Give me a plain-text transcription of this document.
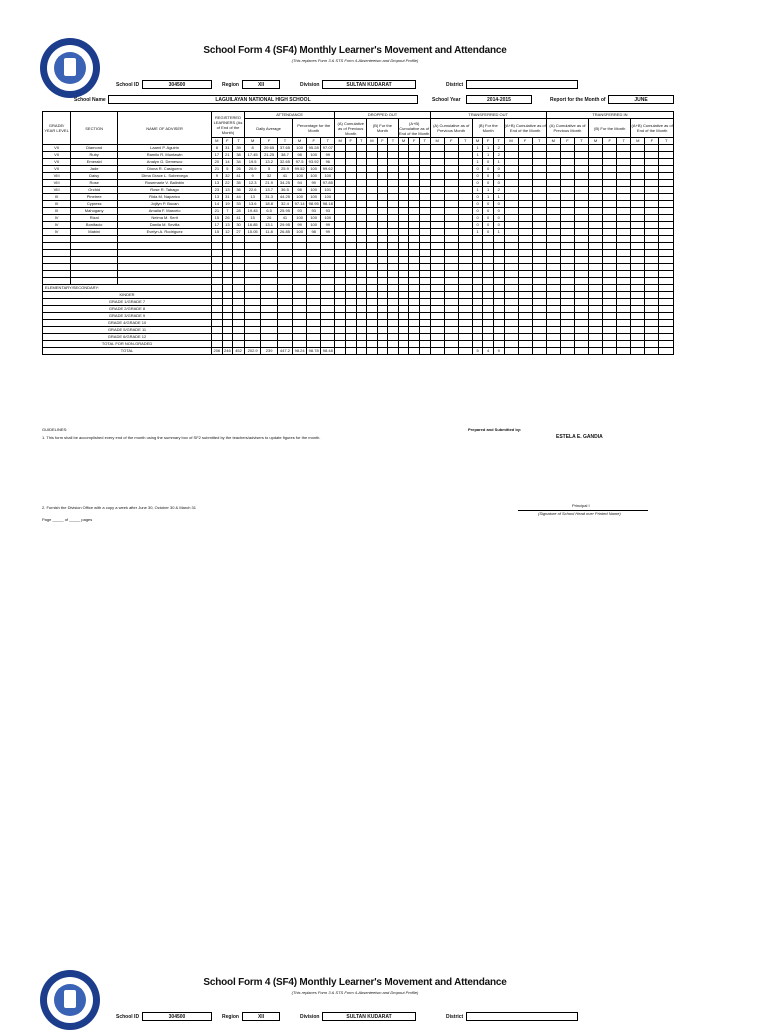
School Form 4 (SF4) Monthly Learner's Movement and Attendance
(This replaces Form 3 & STS Form 4-Absenteeism and Dropout Profile)
School ID	304500	Region	XII	Division	SULTAN KUDARAT	District
School Name	LAGUILAYAN NATIONAL HIGH SCHOOL	School Year	2014-2015	Report for the Month of	JUNE
GRADE/ YEAR LEVEL	SECTION	NAME OF ADVISER	REGISTERED LEARNERS (As of End of the Month)			ATTENDANCE						DROPPED OUT									TRANSFERRED OUT									TRANSFERRED IN								
						Daily Average			Percentage for the Month			(A) Cumulative as of Previous Month			(B) For the Month			(A+B) Cumulative as of End of the Month			(A) Cumulative as of Previous Month			(B) For the Month			(A+B) Cumulative as of End of the Month			(A) Cumulative as of Previous Month			(B) For the Month			(A+B) Cumulative as of End of the Month		
			M	F	T	M	F	T	M	F	T	M	F	T	M	F	T	M	F	T	M	F	T	M	F	T	M	F	T	M	F	T	M	F	T	M	F	T
VII	Diamond	Laarni P. Aguirin	8	31	39	8	29.65	37.65	100	95.28	97.07													1	1	2												
VII	Ruby	Ramilo R. Muntawin	17	21	38	17.45	21.25	38.7	98	100	99													1	1	2												
VII	Emerald	Analyn G. Demesco	20	14	34	19.5	13.2	32.65	97.5	93.92	96													1	0	1												
VII	Jade	Diona R. Casiguero	21	5	26	20.9	5	25.9	99.52	100	99.62													0	0	0												
VIII	Daisy	Dima Grace L. Sobrevega	9	32	41	9	32	41	100	100	100													0	0	0												
VIII	Rose	Rosemarie V. Balinbin	13	22	35	12.3	21.9	34.25	94	99	97.85													0	0	0												
VIII	Orchid	Rose R. Tabago	23	13	36	22.6	13.7	36.5	98	100	101													1	1	2												
IX	Pinetree	Rida M. Naparico	13	31	44	13	31.3	44.25	100	100	100													0	1	1												
IX	Cypress	Jojilyn P. Bucan	14	19	33	13.6	18.8	32.4	97.14	98.95	98.18													0	0	0												
IX	Mahogany	Amalia F. Marcelo	21	7	28	19.45	6.5	25.95	93	93	93													0	0	0												
IV	Rizal	Nelma M. Serit	15	26	41	15	26	41	100	100	100													0	0	0												
IV	Bonifacio	Danila M. Sevilla	17	13	30	16.85	13.1	29.95	99	100	99													0	0	0												
IV	Mabini	Evelyn A. Rodriguez	15	12	27	15.05	11.8	26.85	100	98	99													1	0	1												

ELEMENTARY/SECONDARY:																																						
KINDER																																						
GRADE 1/GRADE 7																																						
GRADE 2/GRADE 8																																						
GRADE 3/GRADE 9																																						
GRADE 4/GRADE 10																																						
GRADE 5/GRADE 11																																						
GRADE 6/GRADE 12																																						
TOTAL FOR NON-GRADED																																						
TOTAL			206	246	452	202.9	239	447.2	98.24	98.78	98.48													5	4	9												
GUIDELINES:
1. This form shall be accomplished every end of the month using the summary box of SF2 submitted by the teachers/advisers to update figures for the month.
Prepared and Submitted by:
ESTELA E. GANDIA
2. Furnish the Division Office with a copy a week after June 30, October 30 & March 31
Page _____ of _____ pages
Principal I
(Signature of School Head over Printed Name)
School Form 4 (SF4) Monthly Learner's Movement and Attendance
(This replaces Form 3 & STS Form 4-Absenteeism and Dropout Profile)
School ID	304500	Region	XII	Division	SULTAN KUDARAT	District
